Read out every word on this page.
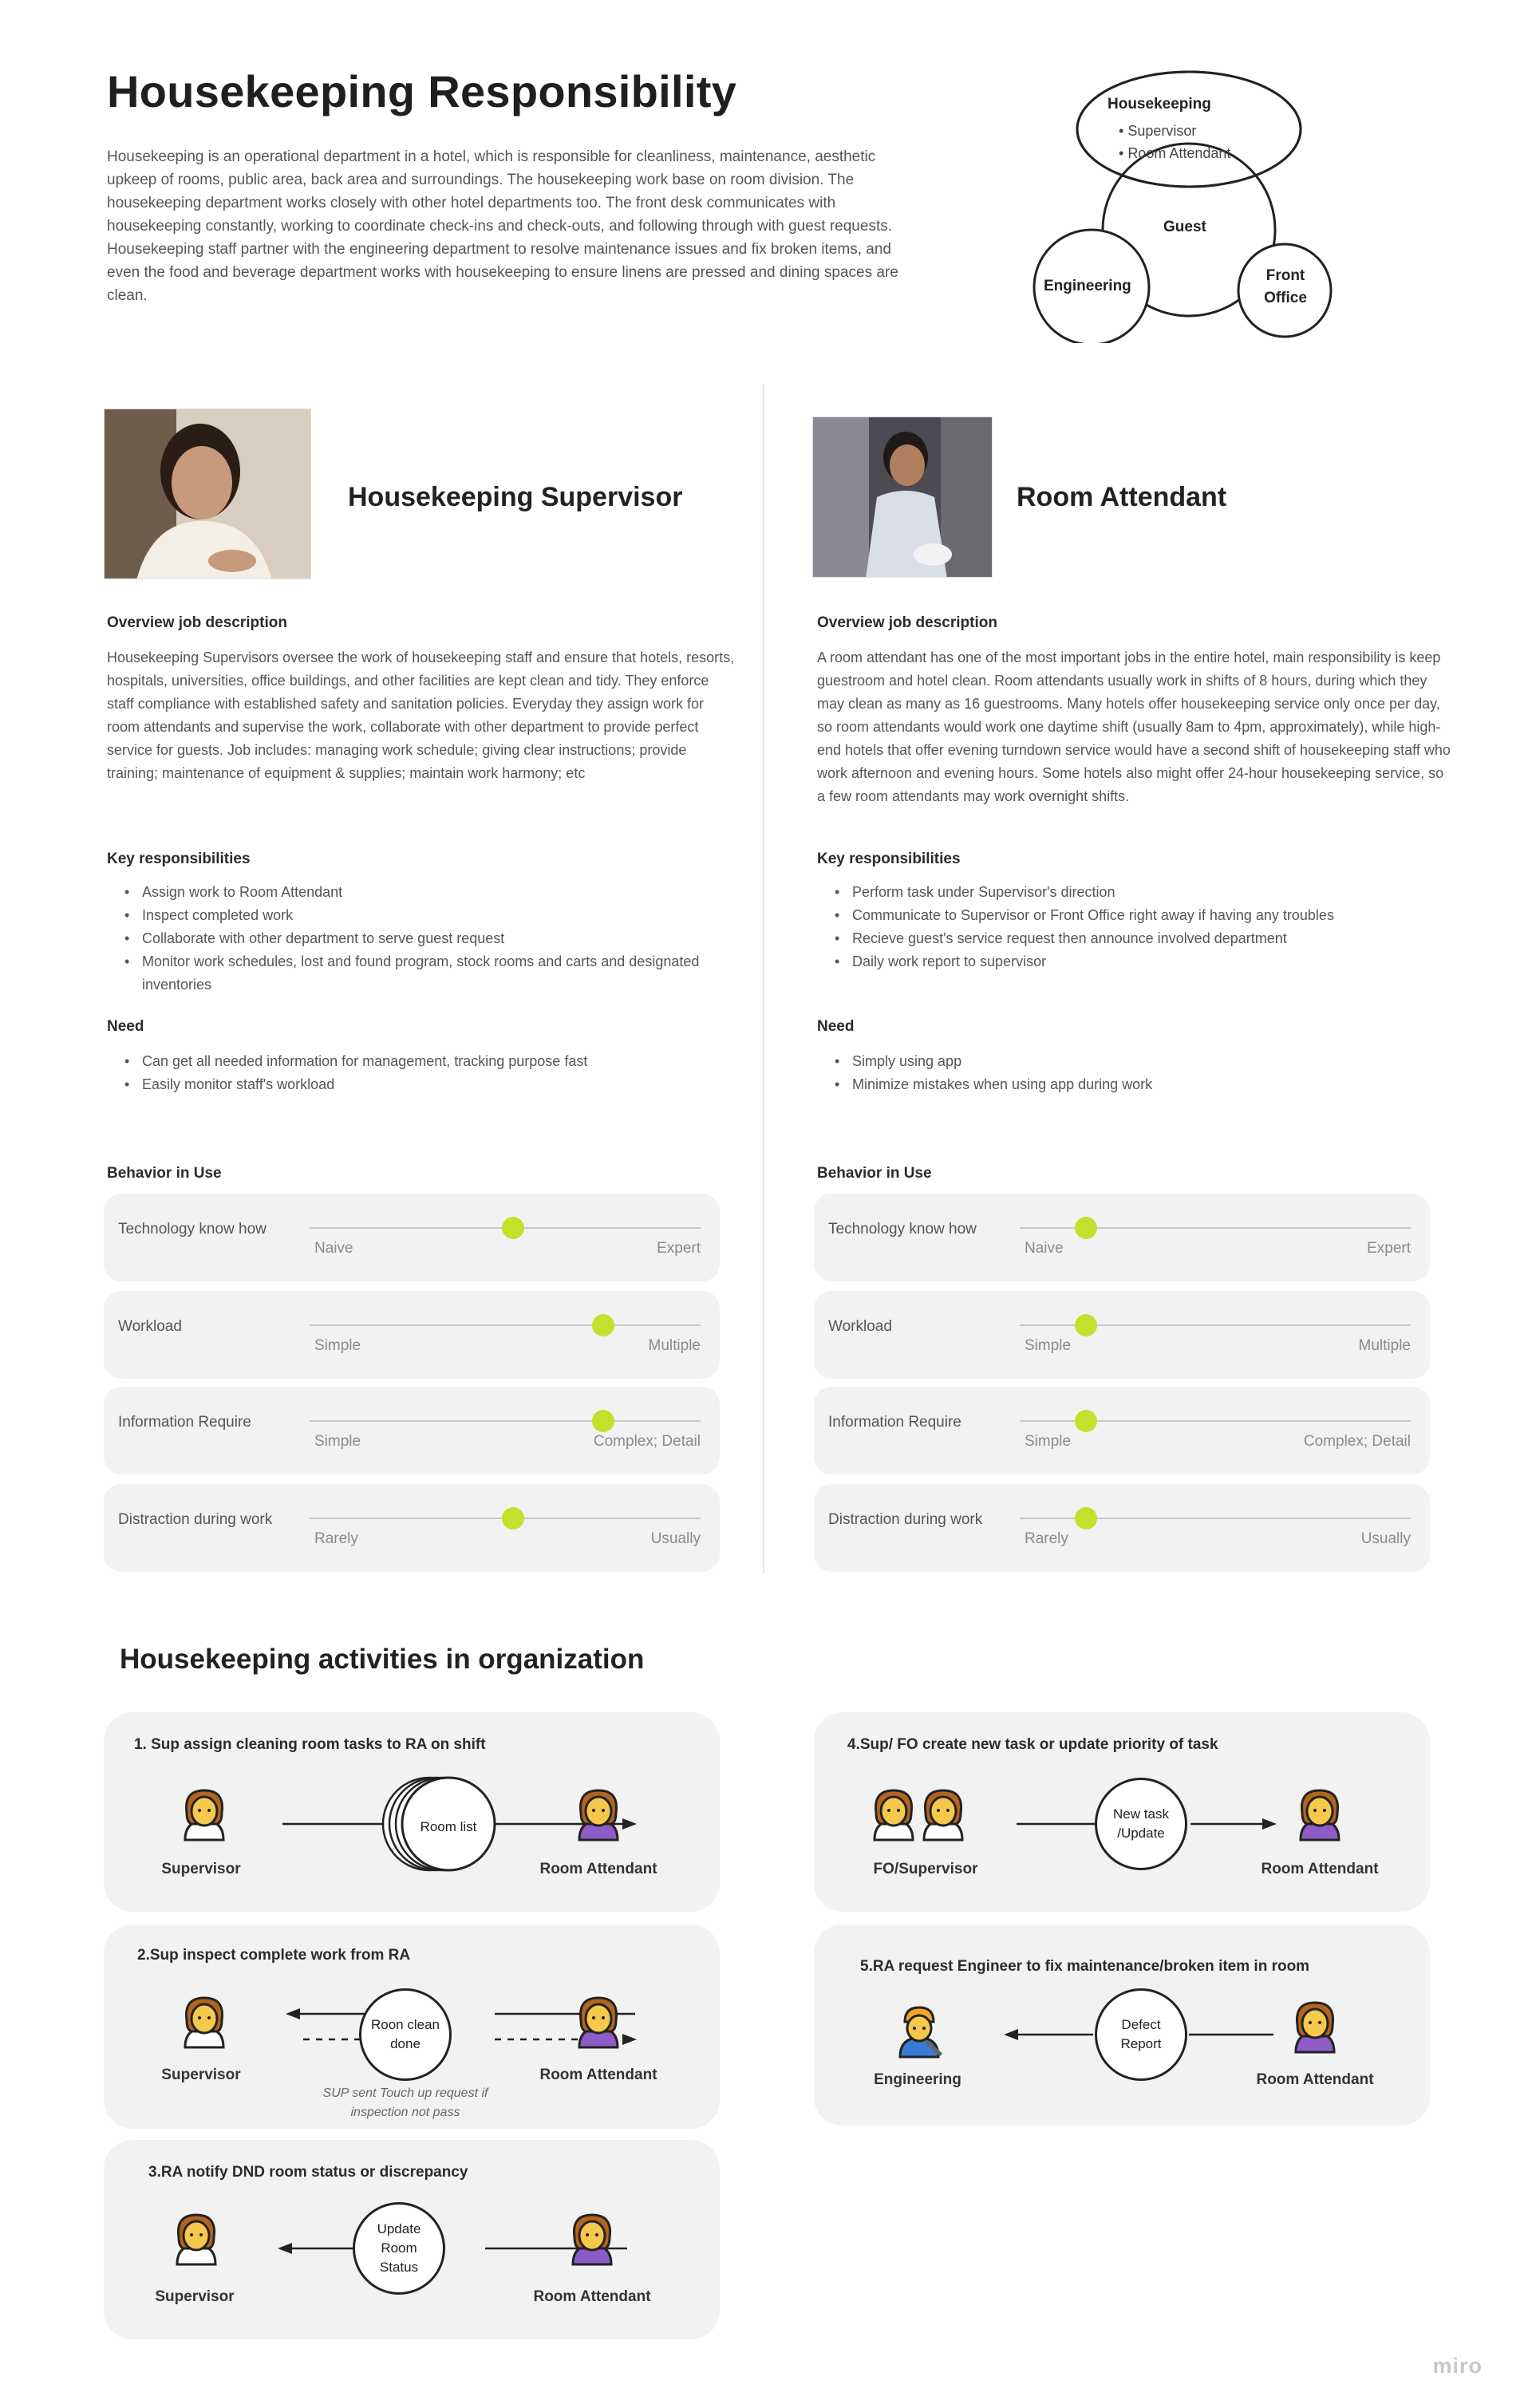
Housekeeping Responsibility

Housekeeping is an operational department in a hotel, which is responsible for cleanliness, maintenance, aesthetic upkeep of rooms, public area, back area and surroundings. The housekeeping work base on room division. The housekeeping department works closely with other hotel departments too. The front desk communicates with housekeeping constantly, working to coordinate check-ins and check-outs, and following through with guest requests. Housekeeping staff partner with the engineering department to resolve maintenance issues and fix broken items, and even the food and beverage department works with housekeeping to ensure linens are pressed and dining spaces are clean.

Housekeeping
• Supervisor
• Room Attendant
Guest
Engineering
Front
Office
Housekeeping Supervisor
Overview job description

Housekeeping Supervisors oversee the work of housekeeping staff and ensure that hotels, resorts, hospitals, universities, office buildings, and other facilities are kept clean and tidy. They enforce staff compliance with established safety and sanitation policies. Everyday they assign work for room attendants and supervise the work, collaborate with other department to provide perfect service for guests. Job includes: managing work schedule; giving clear instructions; provide training; maintenance of equipment & supplies; maintain work harmony; etc

Key responsibilities
• Assign work to Room Attendant
• Inspect completed work
• Collaborate with other department to serve guest request
• Monitor work schedules, lost and found program, stock rooms and carts and designated inventories
Need
• Can get all needed information for management, tracking purpose fast
• Easily monitor staff's workload
Behavior in Use
Technology know how
Naive	Expert
Workload
Simple	Multiple
Information Require
Simple	Complex; Detail
Distraction during work
Rarely	Usually
Room Attendant
Overview job description

A room attendant has one of the most important jobs in the entire hotel, main responsibility is keep guestroom and hotel clean. Room attendants usually work in shifts of 8 hours, during which they may clean as many as 16 guestrooms. Many hotels offer housekeeping service only once per day, so room attendants would work one daytime shift (usually 8am to 4pm, approximately), while high-end hotels that offer evening turndown service would have a second shift of housekeeping staff who work afternoon and evening hours. Some hotels also might offer 24-hour housekeeping service, so a few room attendants may work overnight shifts.

Key responsibilities
• Perform task under Supervisor's direction
• Communicate to Supervisor or Front Office right away if having any troubles
• Recieve guest's service request then announce involved department
• Daily work report to supervisor
Need
• Simply using app
• Minimize mistakes when using app during work
Behavior in Use
Technology know how
Naive	Expert
Workload
Simple	Multiple
Information Require
Simple	Complex; Detail
Distraction during work
Rarely	Usually
Housekeeping activities in organization
1. Sup assign cleaning room tasks to RA on shift
Supervisor
Room list
Room Attendant
2.Sup inspect complete work from RA
Supervisor
Roon clean done
SUP sent Touch up request if inspection not pass
Room Attendant
3.RA notify DND room status or discrepancy
Supervisor
Update Room Status
Room Attendant
4.Sup/ FO create new task or update priority of task
FO/Supervisor
New task /Update
Room Attendant
5.RA request Engineer to fix maintenance/broken item in room
Engineering
Defect Report
Room Attendant
miro
